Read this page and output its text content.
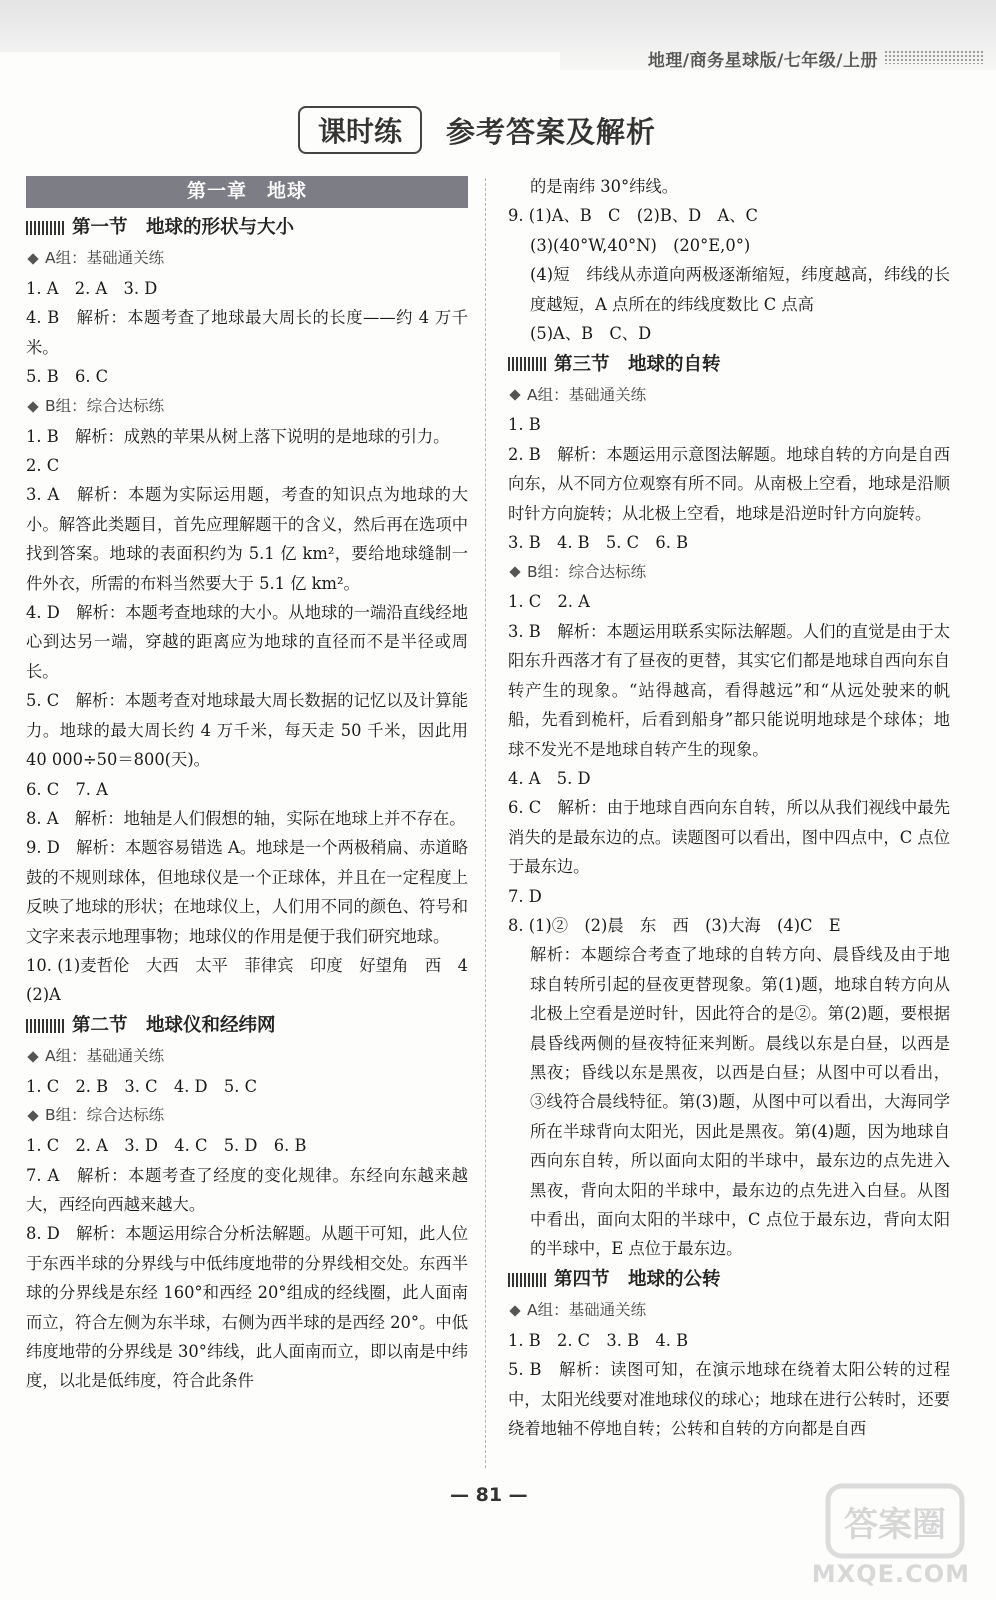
地理/商务星球版/七年级/上册
课时练	参考答案及解析
第一章　地球
第一节　地球的形状与大小
A组：基础通关练

1. A　2. A　3. D

4. B　解析：本题考查了地球最大周长的长度——约 4 万千米。

5. B　6. C

B组：综合达标练

1. B　解析：成熟的苹果从树上落下说明的是地球的引力。

2. C

3. A　解析：本题为实际运用题，考查的知识点为地球的大小。解答此类题目，首先应理解题干的含义，然后再在选项中找到答案。地球的表面积约为 5.1 亿 km²，要给地球缝制一件外衣，所需的布料当然要大于 5.1 亿 km²。

4. D　解析：本题考查地球的大小。从地球的一端沿直线经地心到达另一端，穿越的距离应为地球的直径而不是半径或周长。

5. C　解析：本题考查对地球最大周长数据的记忆以及计算能力。地球的最大周长约 4 万千米，每天走 50 千米，因此用 40 000÷50＝800(天)。

6. C　7. A

8. A　解析：地轴是人们假想的轴，实际在地球上并不存在。

9. D　解析：本题容易错选 A。地球是一个两极稍扁、赤道略鼓的不规则球体，但地球仪是一个正球体，并且在一定程度上反映了地球的形状；在地球仪上，人们用不同的颜色、符号和文字来表示地理事物；地球仪的作用是便于我们研究地球。

10. (1)麦哲伦　大西　太平　菲律宾　印度　好望角　西　4　(2)A

第二节　地球仪和经纬网
A组：基础通关练

1. C　2. B　3. C　4. D　5. C

B组：综合达标练

1. C　2. A　3. D　4. C　5. D　6. B

7. A　解析：本题考查了经度的变化规律。东经向东越来越大，西经向西越来越大。

8. D　解析：本题运用综合分析法解题。从题干可知，此人位于东西半球的分界线与中低纬度地带的分界线相交处。东西半球的分界线是东经 160°和西经 20°组成的经线圈，此人面南而立，符合左侧为东半球，右侧为西半球的是西经 20°。中低纬度地带的分界线是 30°纬线，此人面南而立，即以南是中纬度，以北是低纬度，符合此条件

的是南纬 30°纬线。

9. (1)A、B　C　(2)B、D　A、C

(3)(40°W,40°N)　(20°E,0°)

(4)短　纬线从赤道向两极逐渐缩短，纬度越高，纬线的长度越短，A 点所在的纬线度数比 C 点高

(5)A、B　C、D

第三节　地球的自转
A组：基础通关练

1. B

2. B　解析：本题运用示意图法解题。地球自转的方向是自西向东，从不同方位观察有所不同。从南极上空看，地球是沿顺时针方向旋转；从北极上空看，地球是沿逆时针方向旋转。

3. B　4. B　5. C　6. B

B组：综合达标练

1. C　2. A

3. B　解析：本题运用联系实际法解题。人们的直觉是由于太阳东升西落才有了昼夜的更替，其实它们都是地球自西向东自转产生的现象。“站得越高，看得越远”和“从远处驶来的帆船，先看到桅杆，后看到船身”都只能说明地球是个球体；地球不发光不是地球自转产生的现象。

4. A　5. D

6. C　解析：由于地球自西向东自转，所以从我们视线中最先消失的是最东边的点。读题图可以看出，图中四点中，C 点位于最东边。

7. D

8. (1)②　(2)晨　东　西　(3)大海　(4)C　E

解析：本题综合考查了地球的自转方向、晨昏线及由于地球自转所引起的昼夜更替现象。第(1)题，地球自转方向从北极上空看是逆时针，因此符合的是②。第(2)题，要根据晨昏线两侧的昼夜特征来判断。晨线以东是白昼，以西是黑夜；昏线以东是黑夜，以西是白昼；从图中可以看出，③线符合晨线特征。第(3)题，从图中可以看出，大海同学所在半球背向太阳光，因此是黑夜。第(4)题，因为地球自西向东自转，所以面向太阳的半球中，最东边的点先进入黑夜，背向太阳的半球中，最东边的点先进入白昼。从图中看出，面向太阳的半球中，C 点位于最东边，背向太阳的半球中，E 点位于最东边。

第四节　地球的公转
A组：基础通关练

1. B　2. C　3. B　4. B

5. B　解析：读图可知，在演示地球在绕着太阳公转的过程中，太阳光线要对准地球仪的球心；地球在进行公转时，还要绕着地轴不停地自转；公转和自转的方向都是自西

— 81 —
答案圈
MXQE.COM
